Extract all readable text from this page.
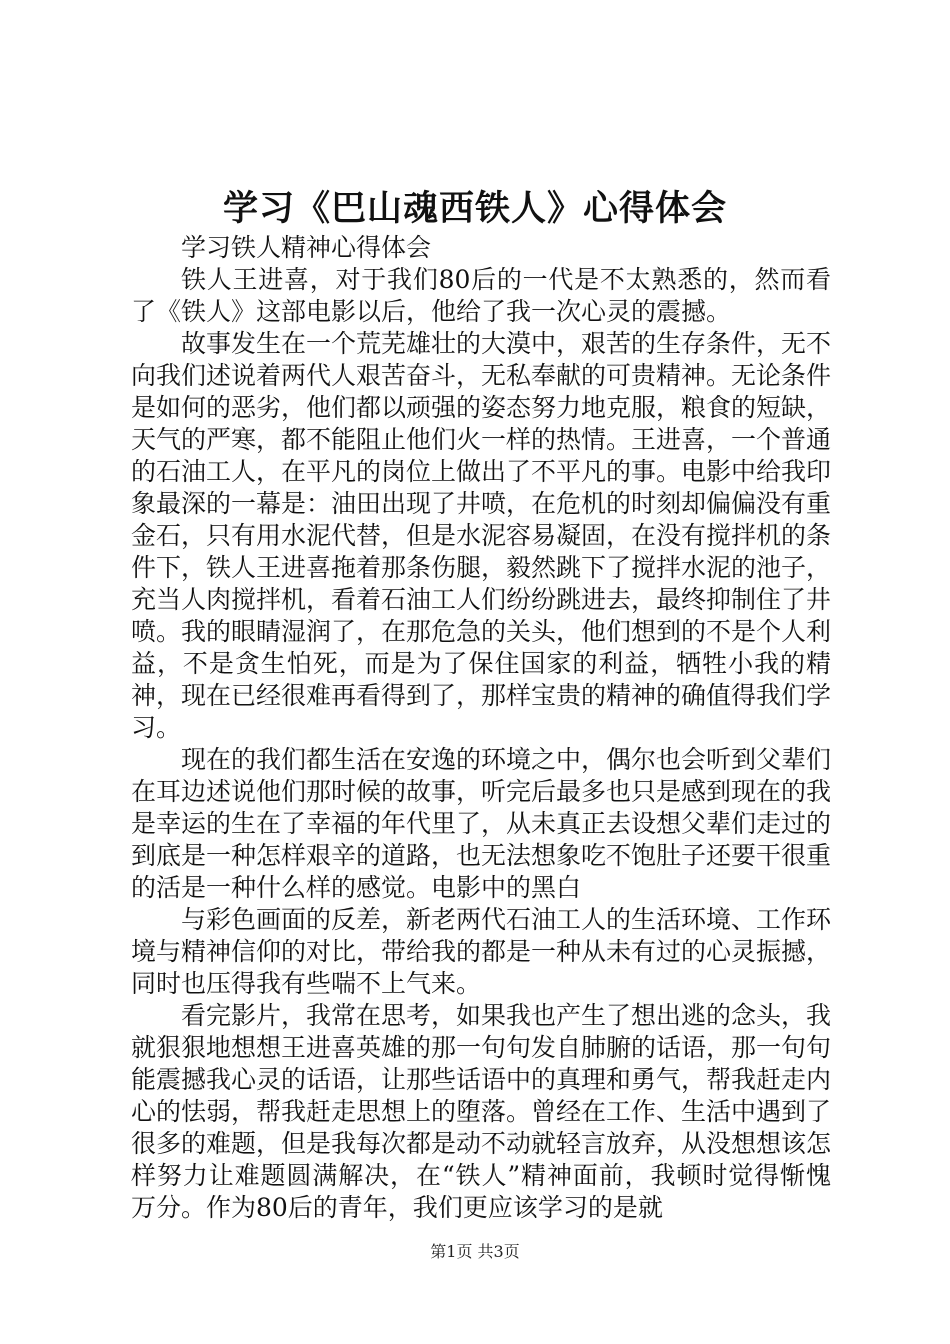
学习《巴山魂西铁人》心得体会

学习铁人精神心得体会

铁人王进喜，对于我们80后的一代是不太熟悉的，然而看了《铁人》这部电影以后，他给了我一次心灵的震撼。

故事发生在一个荒芜雄壮的大漠中，艰苦的生存条件，无不向我们述说着两代人艰苦奋斗，无私奉献的可贵精神。无论条件是如何的恶劣，他们都以顽强的姿态努力地克服，粮食的短缺，天气的严寒，都不能阻止他们火一样的热情。王进喜，一个普通的石油工人，在平凡的岗位上做出了不平凡的事。电影中给我印象最深的一幕是：油田出现了井喷，在危机的时刻却偏偏没有重金石，只有用水泥代替，但是水泥容易凝固，在没有搅拌机的条件下，铁人王进喜拖着那条伤腿，毅然跳下了搅拌水泥的池子，充当人肉搅拌机，看着石油工人们纷纷跳进去，最终抑制住了井喷。我的眼睛湿润了，在那危急的关头，他们想到的不是个人利益，不是贪生怕死，而是为了保住国家的利益，牺牲小我的精神，现在已经很难再看得到了，那样宝贵的精神的确值得我们学习。

现在的我们都生活在安逸的环境之中，偶尔也会听到父辈们在耳边述说他们那时候的故事，听完后最多也只是感到现在的我是幸运的生在了幸福的年代里了，从未真正去设想父辈们走过的到底是一种怎样艰辛的道路，也无法想象吃不饱肚子还要干很重的活是一种什么样的感觉。电影中的黑白

与彩色画面的反差，新老两代石油工人的生活环境、工作环境与精神信仰的对比，带给我的都是一种从未有过的心灵振撼，同时也压得我有些喘不上气来。

看完影片，我常在思考，如果我也产生了想出逃的念头，我就狠狠地想想王进喜英雄的那一句句发自肺腑的话语，那一句句能震撼我心灵的话语，让那些话语中的真理和勇气，帮我赶走内心的怯弱，帮我赶走思想上的堕落。曾经在工作、生活中遇到了很多的难题，但是我每次都是动不动就轻言放弃，从没想想该怎样努力让难题圆满解决，在“铁人”精神面前，我顿时觉得惭愧万分。作为80后的青年，我们更应该学习的是就

第1页 共3页
